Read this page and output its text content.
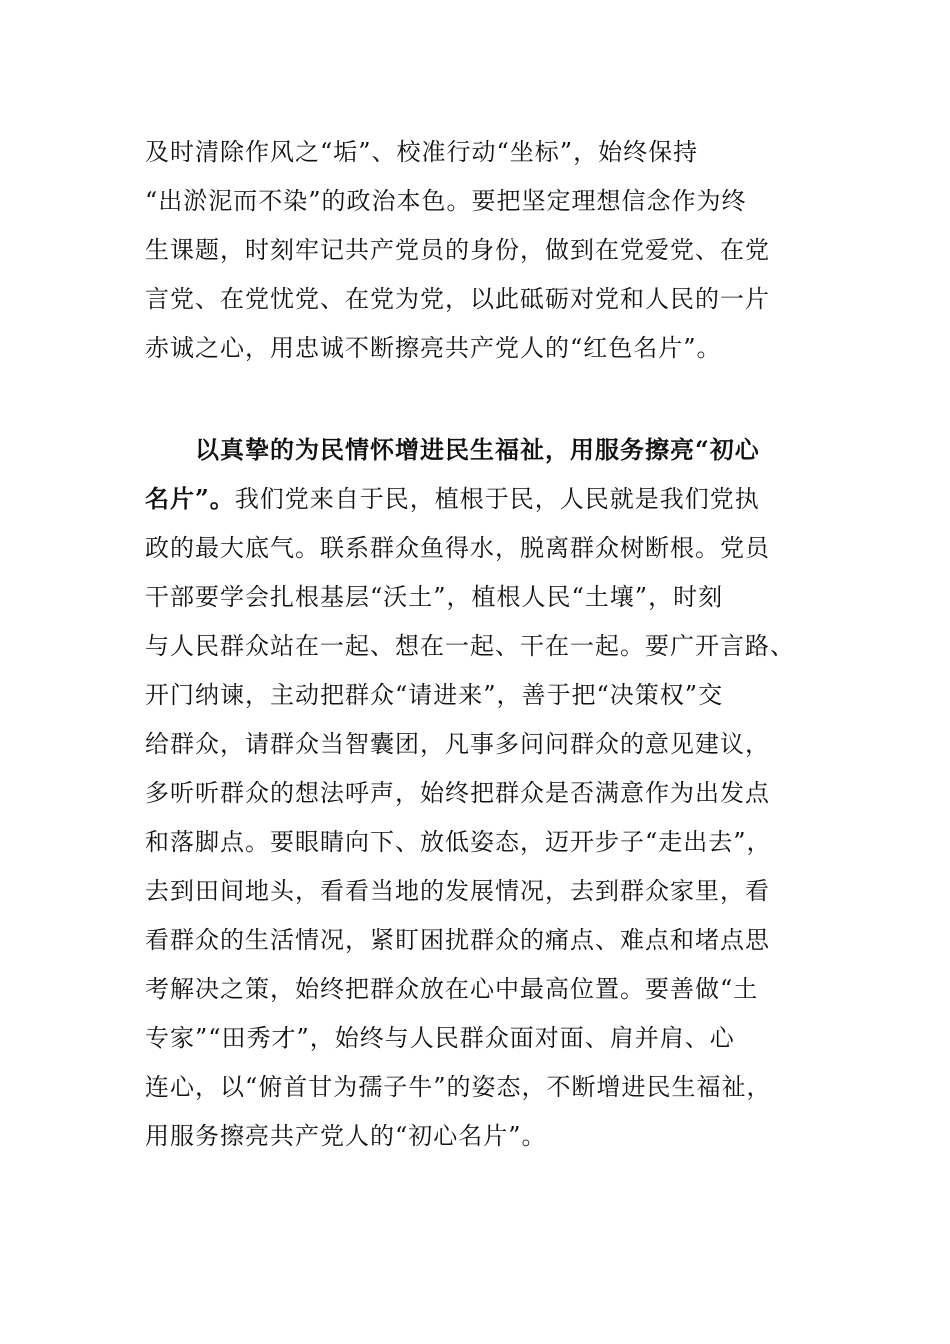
及时清除作风之“垢”、校准行动“坐标”，始终保持
“出淤泥而不染”的政治本色。要把坚定理想信念作为终
生课题，时刻牢记共产党员的身份，做到在党爱党、在党
言党、在党忧党、在党为党，以此砥砺对党和人民的一片
赤诚之心，用忠诚不断擦亮共产党人的“红色名片”。
以真挚的为民情怀增进民生福祉，用服务擦亮“初心
名片”。我们党来自于民，植根于民，人民就是我们党执
政的最大底气。联系群众鱼得水，脱离群众树断根。党员
干部要学会扎根基层“沃土”，植根人民“土壤”，时刻
与人民群众站在一起、想在一起、干在一起。要广开言路、
开门纳谏，主动把群众“请进来”，善于把“决策权”交
给群众，请群众当智囊团，凡事多问问群众的意见建议，
多听听群众的想法呼声，始终把群众是否满意作为出发点
和落脚点。要眼睛向下、放低姿态，迈开步子“走出去”，
去到田间地头，看看当地的发展情况，去到群众家里，看
看群众的生活情况，紧盯困扰群众的痛点、难点和堵点思
考解决之策，始终把群众放在心中最高位置。要善做“土
专家”“田秀才”，始终与人民群众面对面、肩并肩、心
连心，以“俯首甘为孺子牛”的姿态，不断增进民生福祉，
用服务擦亮共产党人的“初心名片”。
